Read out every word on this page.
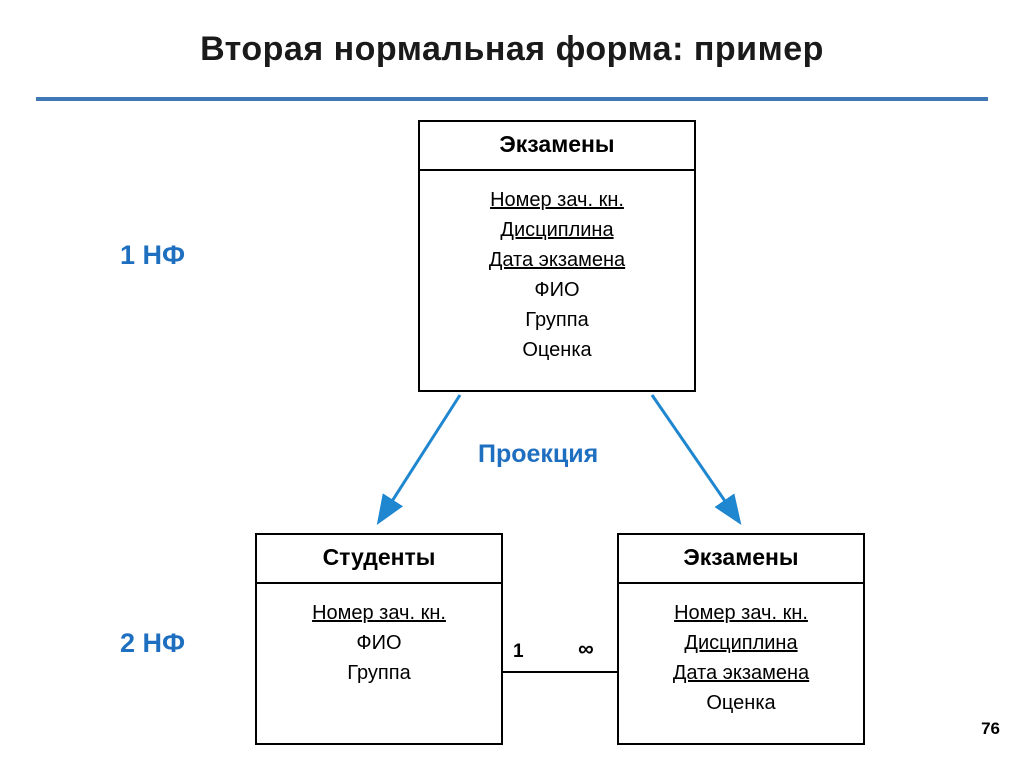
Вторая нормальная форма: пример
1 НФ
2 НФ
Проекция
Экзамены
Номер зач. кн.
Дисциплина
Дата экзамена
ФИО
Группа
Оценка
Студенты
Номер зач. кн.
ФИО
Группа
Экзамены
Номер зач. кн.
Дисциплина
Дата экзамена
Оценка
1 ∞
76
